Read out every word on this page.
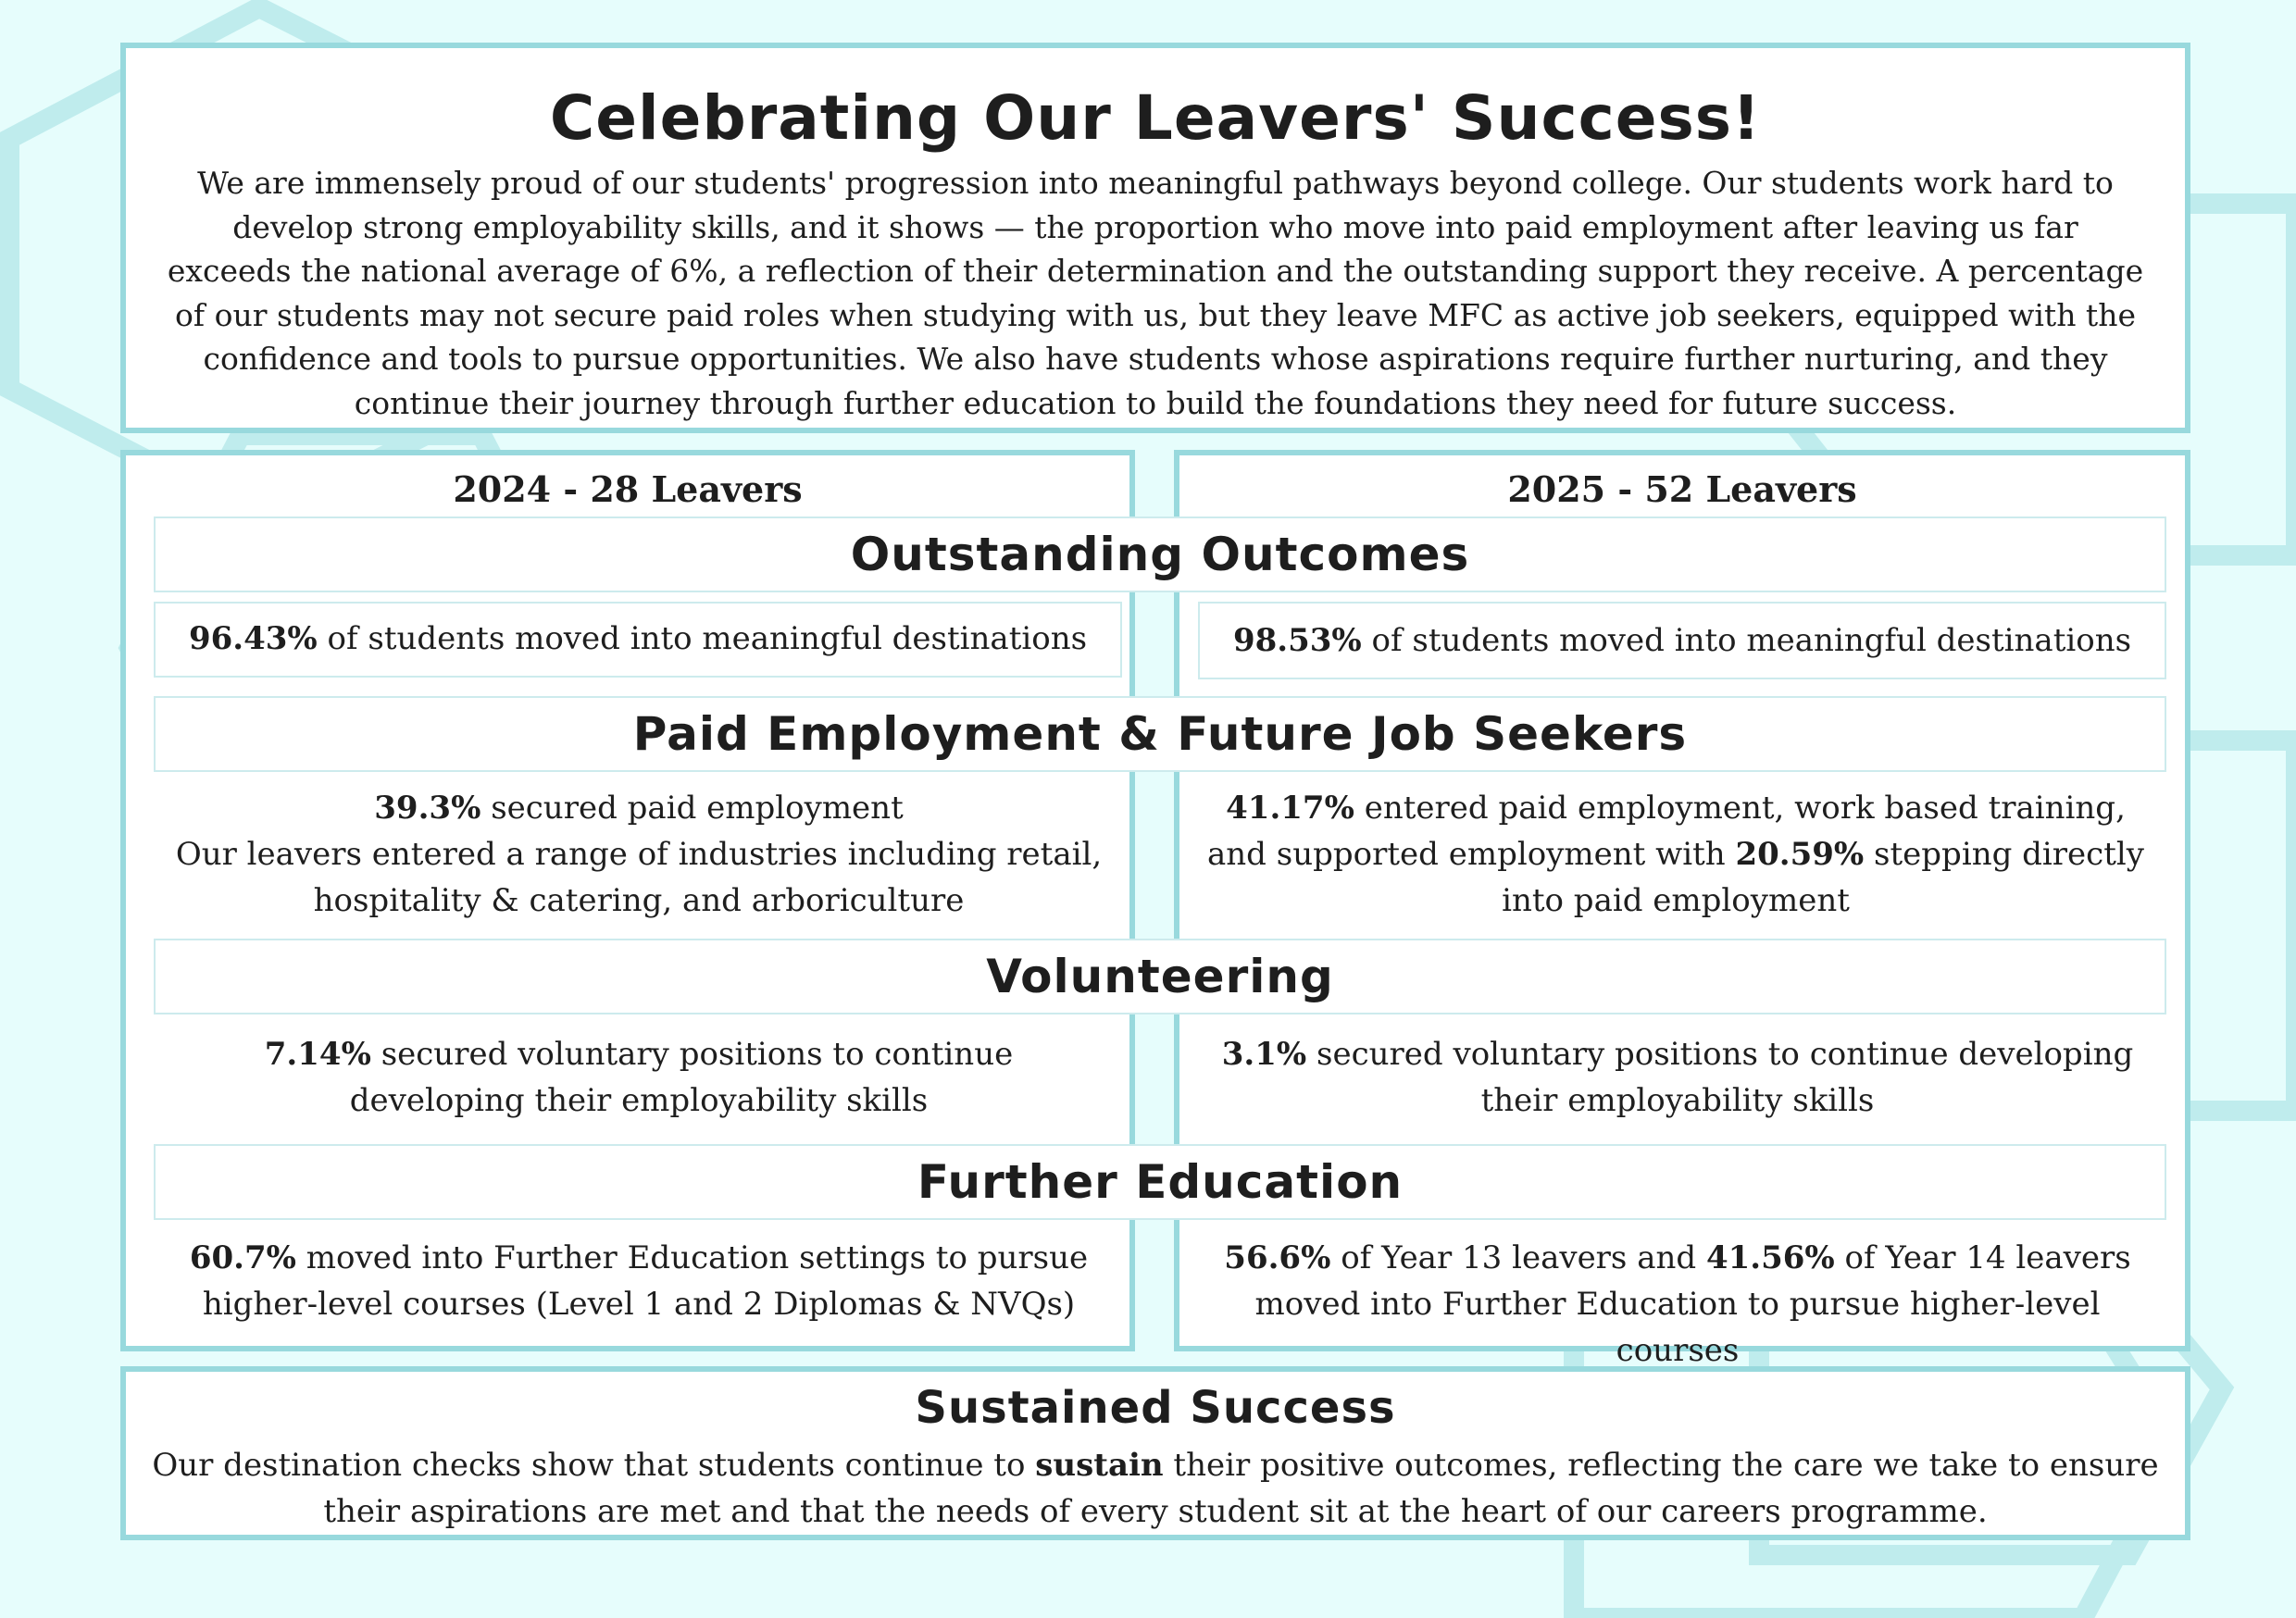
Celebrating Our Leavers' Success!
We are immensely proud of our students' progression into meaningful pathways beyond college. Our students work hard to develop strong employability skills, and it shows — the proportion who move into paid employment after leaving us far exceeds the national average of 6%, a reflection of their determination and the outstanding support they receive. A percentage of our students may not secure paid roles when studying with us, but they leave MFC as active job seekers, equipped with the confidence and tools to pursue opportunities. We also have students whose aspirations require further nurturing, and they continue their journey through further education to build the foundations they need for future success.
2024 - 28 Leavers	2025 - 52 Leavers
Outstanding Outcomes
96.43% of students moved into meaningful destinations	98.53% of students moved into meaningful destinations
Paid Employment & Future Job Seekers
39.3% secured paid employment
Our leavers entered a range of industries including retail, hospitality & catering, and arboriculture
41.17% entered paid employment, work based training, and supported employment with 20.59% stepping directly into paid employment
Volunteering
7.14% secured voluntary positions to continue developing their employability skills
3.1% secured voluntary positions to continue developing their employability skills
Further Education
60.7% moved into Further Education settings to pursue higher-level courses (Level 1 and 2 Diplomas & NVQs)
56.6% of Year 13 leavers and 41.56% of Year 14 leavers moved into Further Education to pursue higher-level courses
Sustained Success
Our destination checks show that students continue to sustain their positive outcomes, reflecting the care we take to ensure their aspirations are met and that the needs of every student sit at the heart of our careers programme.
